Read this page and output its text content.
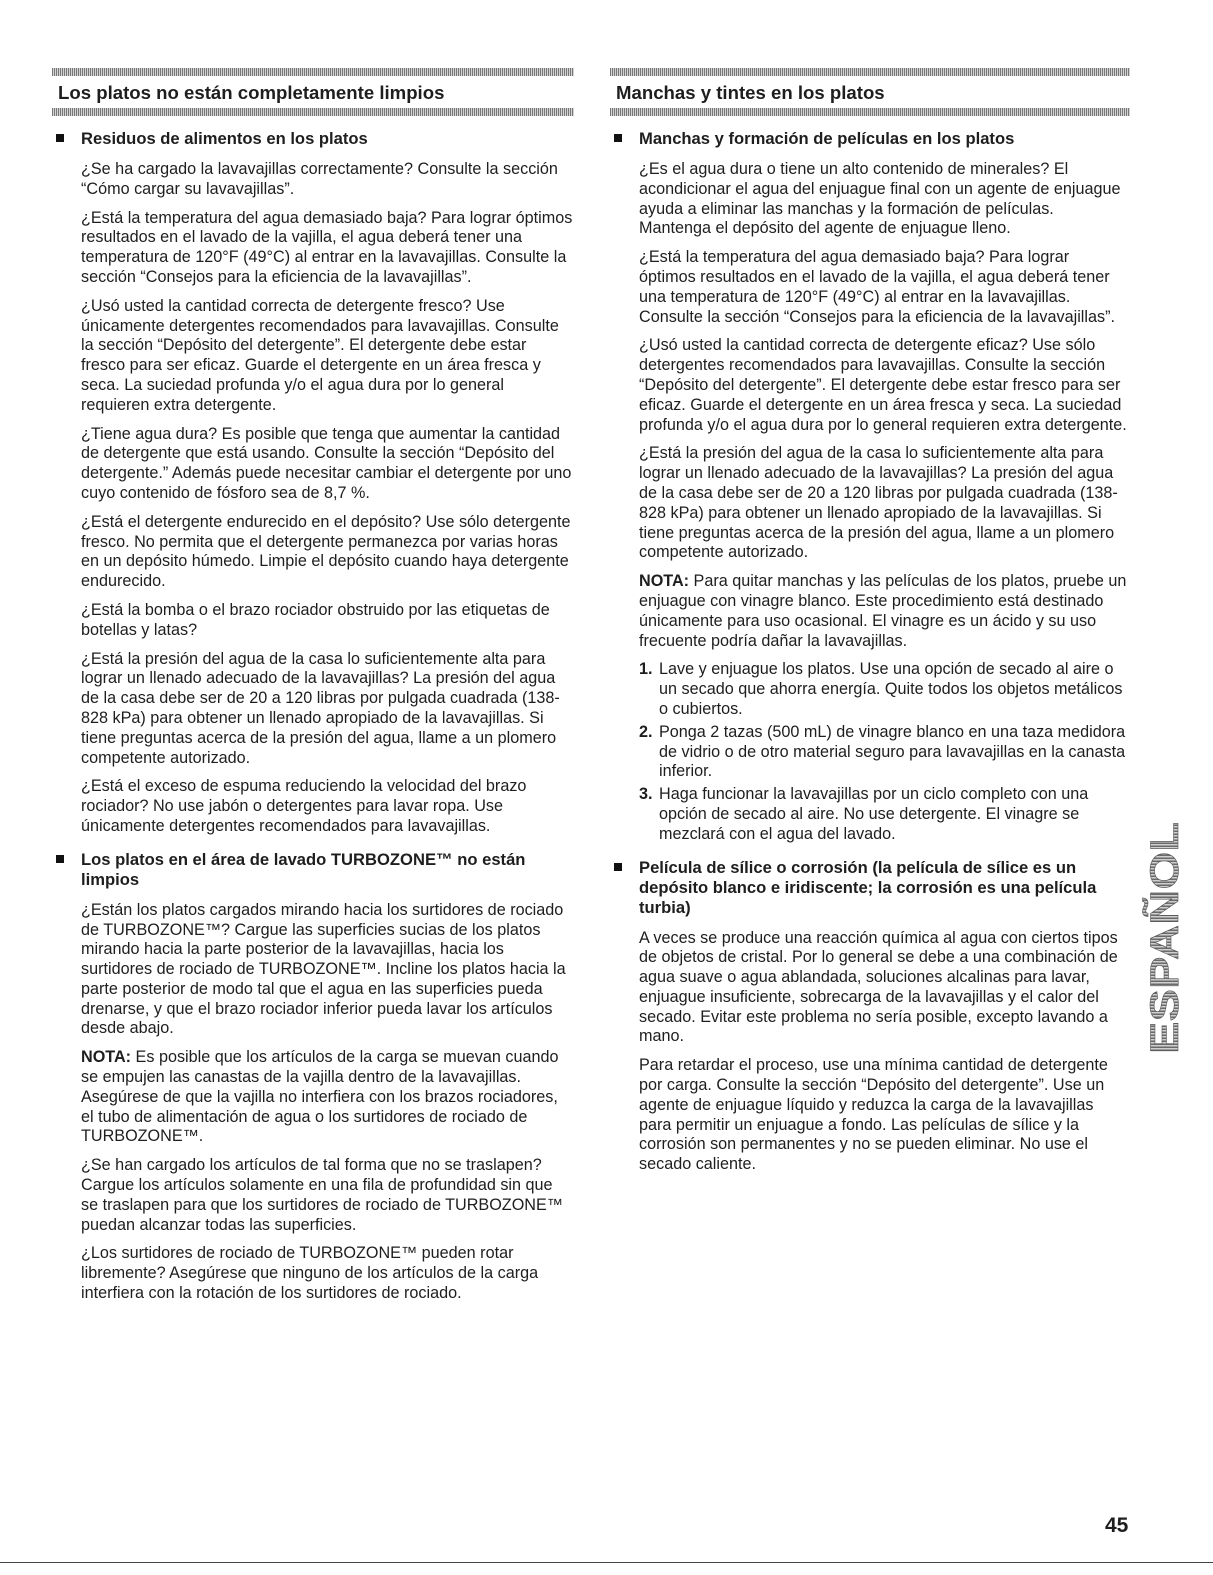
Los platos no están completamente limpios
Residuos de alimentos en los platos

¿Se ha cargado la lavavajillas correctamente? Consulte la sección “Cómo cargar su lavavajillas”.

¿Está la temperatura del agua demasiado baja? Para lograr óptimos resultados en el lavado de la vajilla, el agua deberá tener una temperatura de 120°F (49°C) al entrar en la lavavajillas. Consulte la sección “Consejos para la eficiencia de la lavavajillas”.

¿Usó usted la cantidad correcta de detergente fresco? Use únicamente detergentes recomendados para lavavajillas. Consulte la sección “Depósito del detergente”. El detergente debe estar fresco para ser eficaz. Guarde el detergente en un área fresca y seca. La suciedad profunda y/o el agua dura por lo general requieren extra detergente.

¿Tiene agua dura? Es posible que tenga que aumentar la cantidad de detergente que está usando. Consulte la sección “Depósito del detergente.” Además puede necesitar cambiar el detergente por uno cuyo contenido de fósforo sea de 8,7 %.

¿Está el detergente endurecido en el depósito? Use sólo detergente fresco. No permita que el detergente permanezca por varias horas en un depósito húmedo. Limpie el depósito cuando haya detergente endurecido.

¿Está la bomba o el brazo rociador obstruido por las etiquetas de botellas y latas?

¿Está la presión del agua de la casa lo suficientemente alta para lograr un llenado adecuado de la lavavajillas? La presión del agua de la casa debe ser de 20 a 120 libras por pulgada cuadrada (138-828 kPa) para obtener un llenado apropiado de la lavavajillas. Si tiene preguntas acerca de la presión del agua, llame a un plomero competente autorizado.

¿Está el exceso de espuma reduciendo la velocidad del brazo rociador? No use jabón o detergentes para lavar ropa. Use únicamente detergentes recomendados para lavavajillas.

Los platos en el área de lavado TURBOZONE™ no están limpios

¿Están los platos cargados mirando hacia los surtidores de rociado de TURBOZONE™? Cargue las superficies sucias de los platos mirando hacia la parte posterior de la lavavajillas, hacia los surtidores de rociado de TURBOZONE™. Incline los platos hacia la parte posterior de modo tal que el agua en las superficies pueda drenarse, y que el brazo rociador inferior pueda lavar los artículos desde abajo.

NOTA: Es posible que los artículos de la carga se muevan cuando se empujen las canastas de la vajilla dentro de la lavavajillas. Asegúrese de que la vajilla no interfiera con los brazos rociadores, el tubo de alimentación de agua o los surtidores de rociado de TURBOZONE™.

¿Se han cargado los artículos de tal forma que no se traslapen? Cargue los artículos solamente en una fila de profundidad sin que se traslapen para que los surtidores de rociado de TURBOZONE™ puedan alcanzar todas las superficies.

¿Los surtidores de rociado de TURBOZONE™ pueden rotar libremente? Asegúrese que ninguno de los artículos de la carga interfiera con la rotación de los surtidores de rociado.

Manchas y tintes en los platos
Manchas y formación de películas en los platos

¿Es el agua dura o tiene un alto contenido de minerales? El acondicionar el agua del enjuague final con un agente de enjuague ayuda a eliminar las manchas y la formación de películas. Mantenga el depósito del agente de enjuague lleno.

¿Está la temperatura del agua demasiado baja? Para lograr óptimos resultados en el lavado de la vajilla, el agua deberá tener una temperatura de 120°F (49°C) al entrar en la lavavajillas. Consulte la sección “Consejos para la eficiencia de la lavavajillas”.

¿Usó usted la cantidad correcta de detergente eficaz? Use sólo detergentes recomendados para lavavajillas. Consulte la sección “Depósito del detergente”. El detergente debe estar fresco para ser eficaz. Guarde el detergente en un área fresca y seca. La suciedad profunda y/o el agua dura por lo general requieren extra detergente.

¿Está la presión del agua de la casa lo suficientemente alta para lograr un llenado adecuado de la lavavajillas? La presión del agua de la casa debe ser de 20 a 120 libras por pulgada cuadrada (138-828 kPa) para obtener un llenado apropiado de la lavavajillas. Si tiene preguntas acerca de la presión del agua, llame a un plomero competente autorizado.

NOTA: Para quitar manchas y las películas de los platos, pruebe un enjuague con vinagre blanco. Este procedimiento está destinado únicamente para uso ocasional. El vinagre es un ácido y su uso frecuente podría dañar la lavavajillas.

1. Lave y enjuague los platos. Use una opción de secado al aire o un secado que ahorra energía. Quite todos los objetos metálicos o cubiertos.
2. Ponga 2 tazas (500 mL) de vinagre blanco en una taza medidora de vidrio o de otro material seguro para lavavajillas en la canasta inferior.
3. Haga funcionar la lavavajillas por un ciclo completo con una opción de secado al aire. No use detergente. El vinagre se mezclará con el agua del lavado.
Película de sílice o corrosión (la película de sílice es un depósito blanco e iridiscente; la corrosión es una película turbia)

A veces se produce una reacción química al agua con ciertos tipos de objetos de cristal. Por lo general se debe a una combinación de agua suave o agua ablandada, soluciones alcalinas para lavar, enjuague insuficiente, sobrecarga de la lavavajillas y el calor del secado. Evitar este problema no sería posible, excepto lavando a mano.

Para retardar el proceso, use una mínima cantidad de detergente por carga. Consulte la sección “Depósito del detergente”. Use un agente de enjuague líquido y reduzca la carga de la lavavajillas para permitir un enjuague a fondo. Las películas de sílice y la corrosión son permanentes y no se pueden eliminar. No use el secado caliente.

ESPAÑOL
45
